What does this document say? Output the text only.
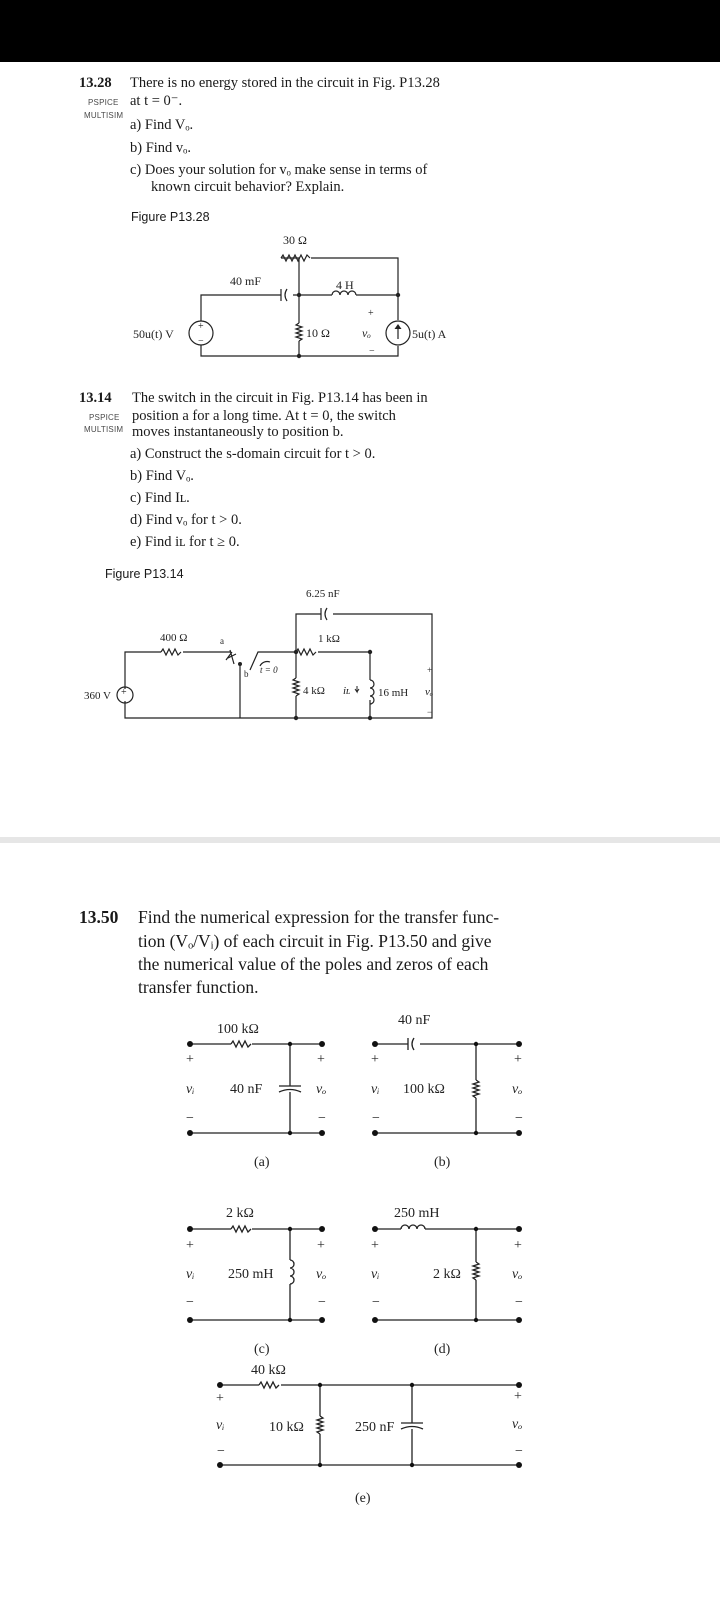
13.28 There is no energy stored in the circuit in Fig. P13.28
PSPICE at t = 0⁻.
MULTISIM
a) Find Vₒ.
b) Find vₒ.
c) Does your solution for vₒ make sense in terms of
known circuit behavior? Explain.
Figure P13.28
30 Ω
40 mF	4 H
50u(t) V
+
−
10 Ω
+
vₒ
−
5u(t) A
13.14 The switch in the circuit in Fig. P13.14 has been in
PSPICE position a for a long time. At t = 0, the switch
MULTISIM moves instantaneously to position b.
a) Construct the s-domain circuit for t > 0.
b) Find Vₒ.
c) Find Iʟ.
d) Find vₒ for t > 0.
e) Find iʟ for t ≥ 0.
Figure P13.14
6.25 nF
400 Ω	a	1 kΩ
b t = 0
360 V +	4 kΩ iʟ	16 mH
+
vₒ
−
13.50 Find the numerical expression for the transfer func-
tion (Vₒ/Vᵢ) of each circuit in Fig. P13.50 and give
the numerical value of the poles and zeros of each
transfer function.
100 kΩ
+
vᵢ
−
40 nF
+
vₒ
−
(a)
40 nF
+
vᵢ
−
100 kΩ
+
vₒ
−
(b)
2 kΩ
+
vᵢ
−
250 mH
+
vₒ
−
(c)
250 mH
+
vᵢ
−
2 kΩ
+
vₒ
−
(d)
40 kΩ
+
vᵢ
−
10 kΩ	250 nF
+
vₒ
−
(e)
